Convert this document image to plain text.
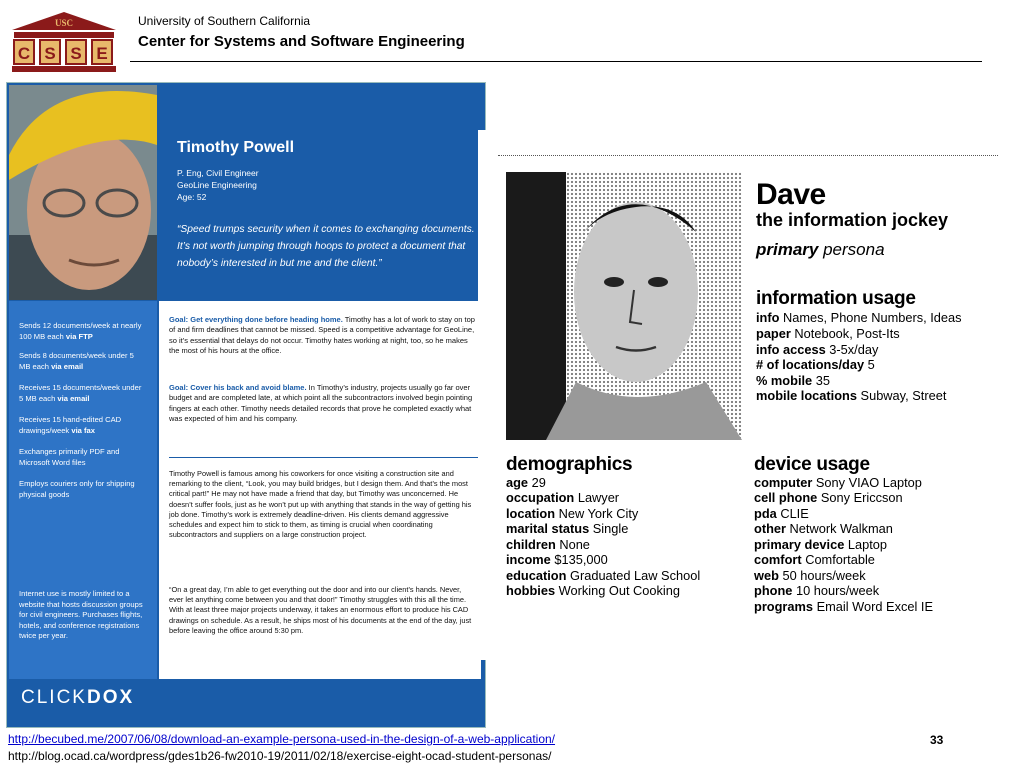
USC
C S S E
University of Southern California
Center for Systems and Software Engineering
Timothy Powell
P. Eng, Civil Engineer
GeoLine Engineering
Age: 52
“Speed trumps security when it comes to exchanging documents. It’s not worth jumping through hoops to protect a document that nobody’s interested in but me and the client.”
Sends 12 documents/week at nearly 100 MB each via FTP
Sends 8 documents/week under 5 MB each via email
Receives 15 documents/week under 5 MB each via email
Receives 15 hand-edited CAD drawings/week via fax
Exchanges primarily PDF and Microsoft Word files
Employs couriers only for shipping physical goods
Internet use is mostly limited to a website that hosts discussion groups for civil engineers. Purchases flights, hotels, and conference registrations twice per year.
Goal: Get everything done before heading home. Timothy has a lot of work to stay on top of and firm deadlines that cannot be missed. Speed is a competitive advantage for GeoLine, so it’s essential that delays do not occur. Timothy hates working at night, too, so he makes the most of his hours at the office.
Goal: Cover his back and avoid blame. In Timothy’s industry, projects usually go far over budget and are completed late, at which point all the subcontractors involved begin pointing fingers at each other. Timothy needs detailed records that prove he completed exactly what was expected of him and his company.
Timothy Powell is famous among his coworkers for once visiting a construction site and remarking to the client, “Look, you may build bridges, but I design them. And that’s the most critical part!” He may not have made a friend that day, but Timothy was unconcerned. He doesn’t suffer fools, just as he won’t put up with anything that stands in the way of getting his job done. Timothy’s work is extremely deadline-driven. His clients demand aggressive schedules and expect him to stick to them, as timing is crucial when coordinating subcontractors and suppliers on a large construction project.
“On a great day, I’m able to get everything out the door and into our client’s hands. Never, ever let anything come between you and that door!” Timothy struggles with this all the time. With at least three major projects underway, it takes an enormous effort to produce his CAD drawings on schedule. As a result, he ships most of his documents at the end of the day, just before leaving the office around 5:30 pm.
CLICKDOX
Dave
the information jockey
primary persona
information usage
info Names, Phone Numbers, Ideas
paper Notebook, Post-Its
info access 3-5x/day
# of locations/day 5
% mobile 35
mobile locations Subway, Street
demographics
age 29
occupation Lawyer
location New York City
marital status Single
children None
income $135,000
education Graduated Law School
hobbies Working Out Cooking
device usage
computer Sony VIAO Laptop
cell phone Sony Ericcson
pda CLIE
other Network Walkman
primary device Laptop
comfort Comfortable
web 50 hours/week
phone 10 hours/week
programs Email Word Excel IE
http://becubed.me/2007/06/08/download-an-example-persona-used-in-the-design-of-a-web-application/
http://blog.ocad.ca/wordpress/gdes1b26-fw2010-19/2011/02/18/exercise-eight-ocad-student-personas/
33
